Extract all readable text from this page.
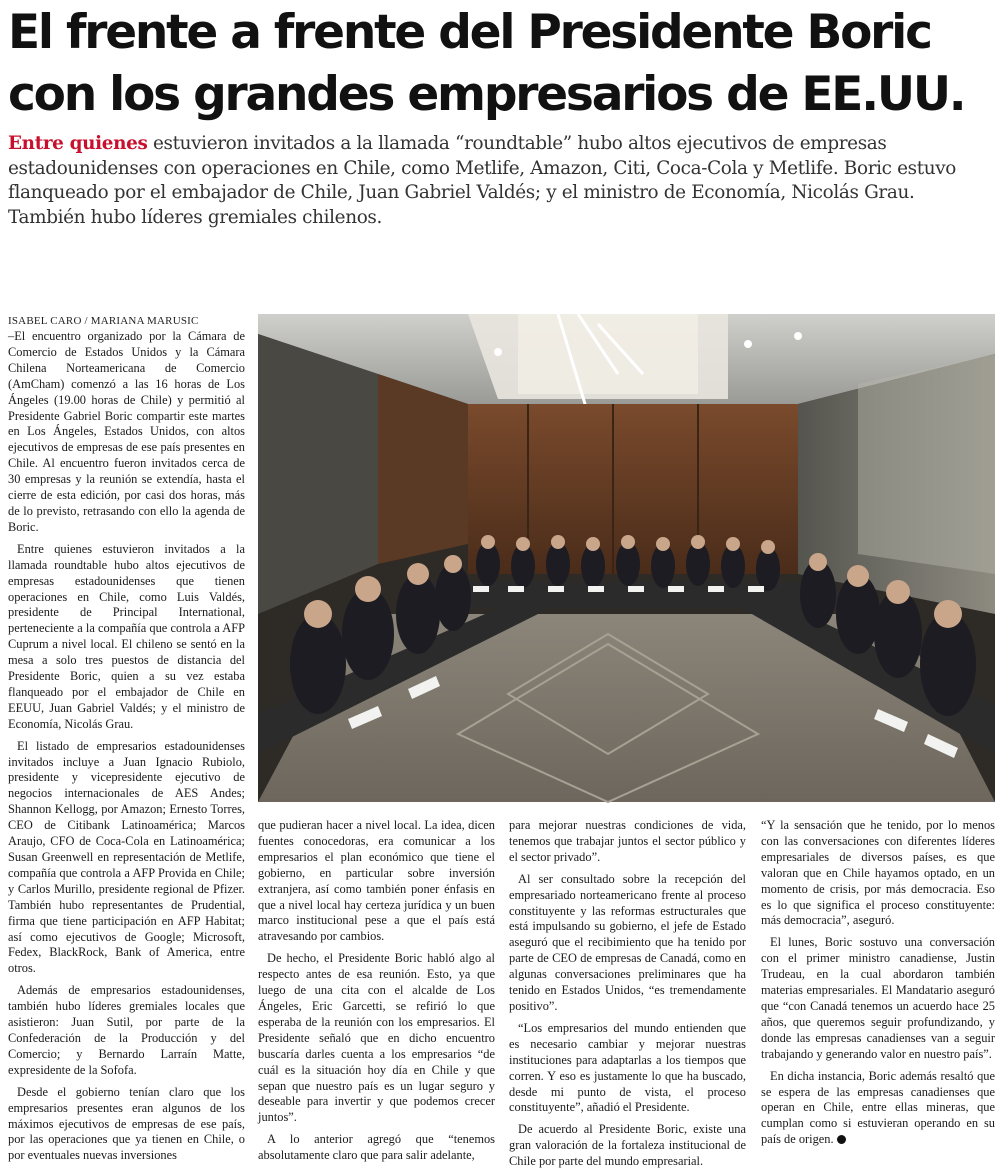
El frente a frente del Presidente Boric
con los grandes empresarios de EE.UU.

Entre quienes estuvieron invitados a la llamada “roundtable” hubo altos ejecutivos de empresas estadounidenses con operaciones en Chile, como Metlife, Amazon, Citi, Coca-Cola y Metlife. Boric estuvo flanqueado por el embajador de Chile, Juan Gabriel Valdés; y el ministro de Economía, Nicolás Grau. También hubo líderes gremiales chilenos.

ISABEL CARO / MARIANA MARUSIC

–El encuentro organizado por la Cámara de Comercio de Estados Unidos y la Cámara Chilena Norteamericana de Comercio (AmCham) comenzó a las 16 horas de Los Ángeles (19.00 horas de Chile) y permitió al Presidente Gabriel Boric compartir este martes en Los Ángeles, Estados Unidos, con altos ejecutivos de empresas de ese país presentes en Chile. Al encuentro fueron invitados cerca de 30 empresas y la reunión se extendía, hasta el cierre de esta edición, por casi dos horas, más de lo previsto, retrasando con ello la agenda de Boric.

Entre quienes estuvieron invitados a la llamada roundtable hubo altos ejecutivos de empresas estadounidenses que tienen operaciones en Chile, como Luis Valdés, presidente de Principal International, perteneciente a la compañía que controla a AFP Cuprum a nivel local. El chileno se sentó en la mesa a solo tres puestos de distancia del Presidente Boric, quien a su vez estaba flanqueado por el embajador de Chile en EEUU, Juan Gabriel Valdés; y el ministro de Economía, Nicolás Grau.

El listado de empresarios estadounidenses invitados incluye a Juan Ignacio Rubiolo, presidente y vicepresidente ejecutivo de negocios internacionales de AES Andes; Shannon Kellogg, por Amazon; Ernesto Torres, CEO de Citibank Latinoamérica; Marcos Araujo, CFO de Coca-Cola en Latinoamérica; Susan Greenwell en representación de Metlife, compañía que controla a AFP Provida en Chile; y Carlos Murillo, presidente regional de Pfizer. También hubo representantes de Prudential, firma que tiene participación en AFP Habitat; así como ejecutivos de Google; Microsoft, Fedex, BlackRock, Bank of America, entre otros.

Además de empresarios estadounidenses, también hubo líderes gremiales locales que asistieron: Juan Sutil, por parte de la Confederación de la Producción y del Comercio; y Bernardo Larraín Matte, expresidente de la Sofofa.

Desde el gobierno tenían claro que los empresarios presentes eran algunos de los máximos ejecutivos de empresas de ese país, por las operaciones que ya tienen en Chile, o por eventuales nuevas inversiones

que pudieran hacer a nivel local. La idea, dicen fuentes conocedoras, era comunicar a los empresarios el plan económico que tiene el gobierno, en particular sobre inversión extranjera, así como también poner énfasis en que a nivel local hay certeza jurídica y un buen marco institucional pese a que el país está atravesando por cambios.

De hecho, el Presidente Boric habló algo al respecto antes de esa reunión. Esto, ya que luego de una cita con el alcalde de Los Ángeles, Eric Garcetti, se refirió lo que esperaba de la reunión con los empresarios. El Presidente señaló que en dicho encuentro buscaría darles cuenta a los empresarios “de cuál es la situación hoy día en Chile y que sepan que nuestro país es un lugar seguro y deseable para invertir y que podemos crecer juntos”.

A lo anterior agregó que “tenemos absolutamente claro que para salir adelante,

para mejorar nuestras condiciones de vida, tenemos que trabajar juntos el sector público y el sector privado”.

Al ser consultado sobre la recepción del empresariado norteamericano frente al proceso constituyente y las reformas estructurales que está impulsando su gobierno, el jefe de Estado aseguró que el recibimiento que ha tenido por parte de CEO de empresas de Canadá, como en algunas conversaciones preliminares que ha tenido en Estados Unidos, “es tremendamente positivo”.

“Los empresarios del mundo entienden que es necesario cambiar y mejorar nuestras instituciones para adaptarlas a los tiempos que corren. Y eso es justamente lo que ha buscado, desde mi punto de vista, el proceso constituyente”, añadió el Presidente.

De acuerdo al Presidente Boric, existe una gran valoración de la fortaleza institucional de Chile por parte del mundo empresarial.

“Y la sensación que he tenido, por lo menos con las conversaciones con diferentes líderes empresariales de diversos países, es que valoran que en Chile hayamos optado, en un momento de crisis, por más democracia. Eso es lo que significa el proceso constituyente: más democracia”, aseguró.

El lunes, Boric sostuvo una conversación con el primer ministro canadiense, Justin Trudeau, en la cual abordaron también materias empresariales. El Mandatario aseguró que “con Canadá tenemos un acuerdo hace 25 años, que queremos seguir profundizando, y donde las empresas canadienses van a seguir trabajando y generando valor en nuestro país”.

En dicha instancia, Boric además resaltó que se espera de las empresas canadienses que operan en Chile, entre ellas mineras, que cumplan como si estuvieran operando en su país de origen.
